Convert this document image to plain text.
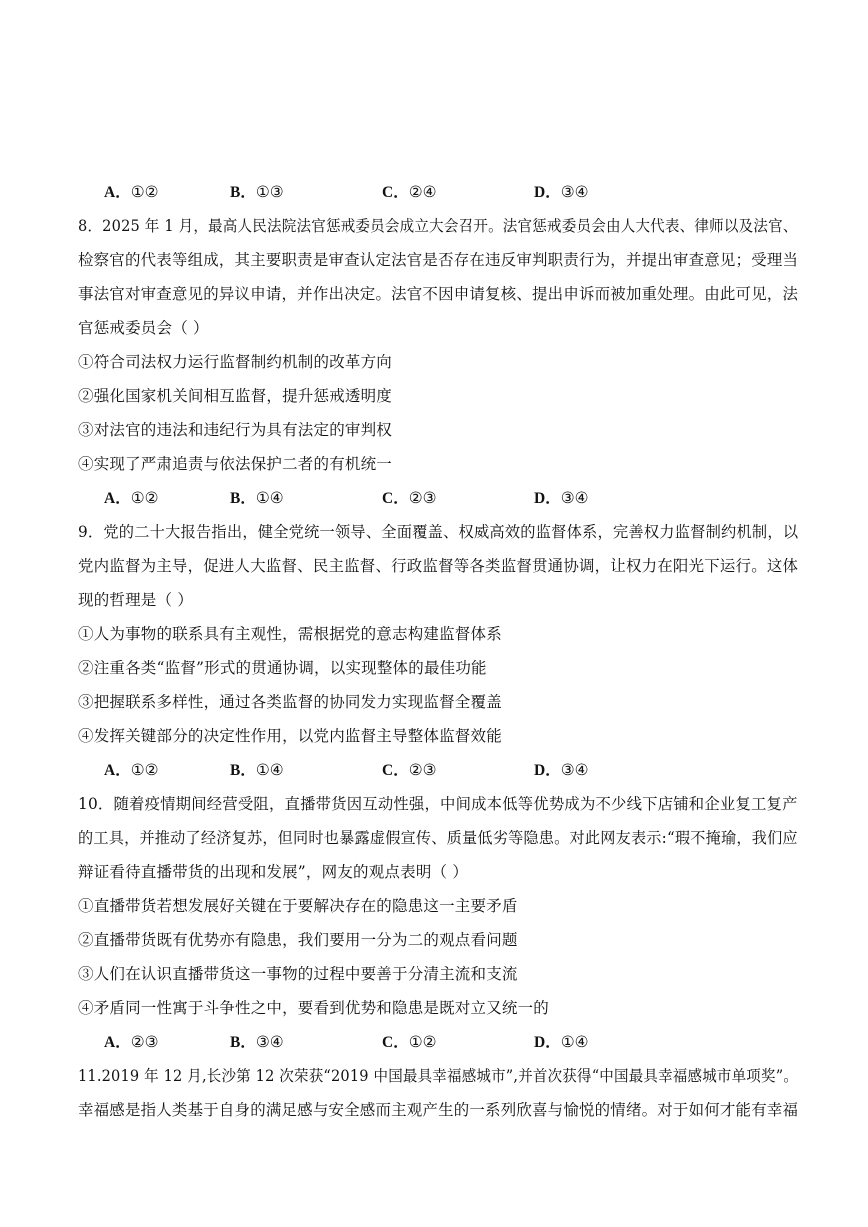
A．①②	B．①③	C．②④	D．③④
8．2025 年 1 月，最高人民法院法官惩戒委员会成立大会召开。法官惩戒委员会由人大代表、律师以及法官、
检察官的代表等组成，其主要职责是审查认定法官是否存在违反审判职责行为，并提出审查意见；受理当
事法官对审查意见的异议申请，并作出决定。法官不因申请复核、提出申诉而被加重处理。由此可见，法
官惩戒委员会（ ）
①符合司法权力运行监督制约机制的改革方向
②强化国家机关间相互监督，提升惩戒透明度
③对法官的违法和违纪行为具有法定的审判权
④实现了严肃追责与依法保护二者的有机统一
A．①②	B．①④	C．②③	D．③④
9．党的二十大报告指出，健全党统一领导、全面覆盖、权威高效的监督体系，完善权力监督制约机制，以
党内监督为主导，促进人大监督、民主监督、行政监督等各类监督贯通协调，让权力在阳光下运行。这体
现的哲理是（ ）
①人为事物的联系具有主观性，需根据党的意志构建监督体系
②注重各类“监督”形式的贯通协调，以实现整体的最佳功能
③把握联系多样性，通过各类监督的协同发力实现监督全覆盖
④发挥关键部分的决定性作用，以党内监督主导整体监督效能
A．①②	B．①④	C．②③	D．③④
10．随着疫情期间经营受阻，直播带货因互动性强，中间成本低等优势成为不少线下店铺和企业复工复产
的工具，并推动了经济复苏，但同时也暴露虚假宣传、质量低劣等隐患。对此网友表示:“瑕不掩瑜，我们应
辩证看待直播带货的出现和发展”，网友的观点表明（ ）
①直播带货若想发展好关键在于要解决存在的隐患这一主要矛盾
②直播带货既有优势亦有隐患，我们要用一分为二的观点看问题
③人们在认识直播带货这一事物的过程中要善于分清主流和支流
④矛盾同一性寓于斗争性之中，要看到优势和隐患是既对立又统一的
A．②③	B．③④	C．①②	D．①④
11.2019 年 12 月,长沙第 12 次荣获“2019 中国最具幸福感城市”,并首次获得“中国最具幸福感城市单项奖”。
幸福感是指人类基于自身的满足感与安全感而主观产生的一系列欣喜与愉悦的情绪。对于如何才能有幸福
